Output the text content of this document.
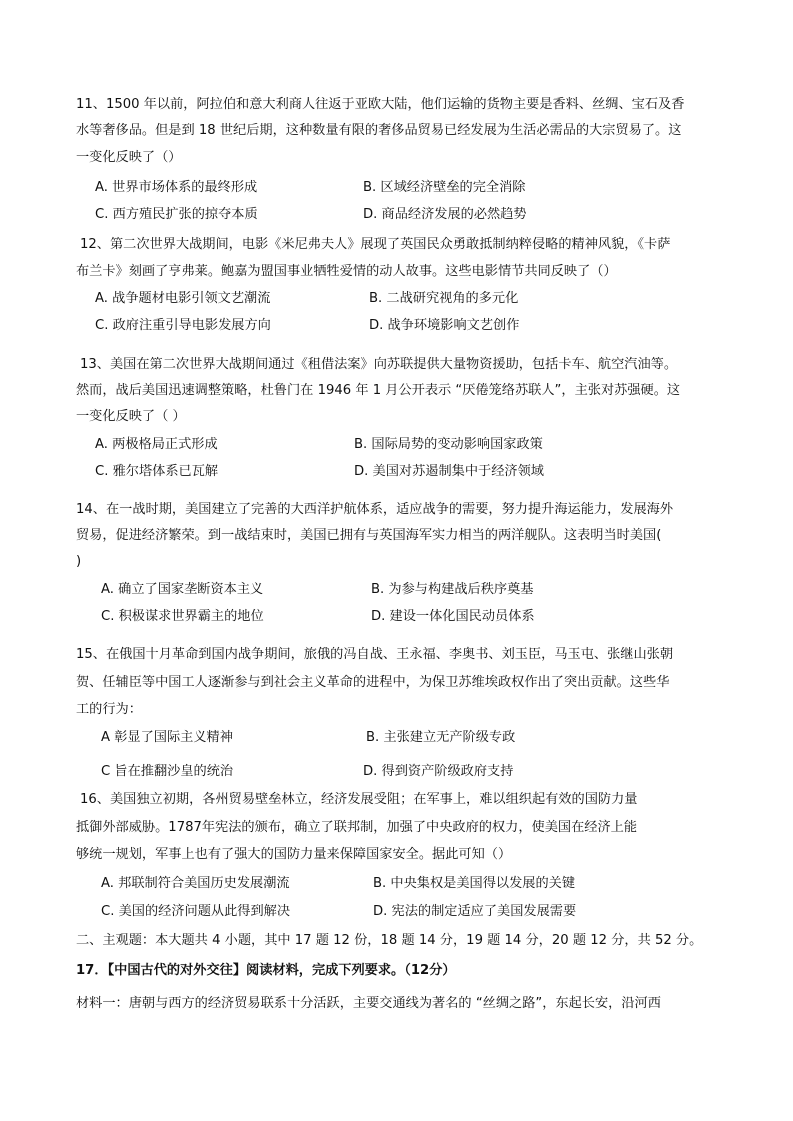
11、1500 年以前，阿拉伯和意大利商人往返于亚欧大陆，他们运输的货物主要是香料、丝绸、宝石及香
水等奢侈品。但是到 18 世纪后期，这种数量有限的奢侈品贸易已经发展为生活必需品的大宗贸易了。这
一变化反映了（）
A. 世界市场体系的最终形成	B. 区域经济壁垒的完全消除
C. 西方殖民扩张的掠夺本质	D. 商品经济发展的必然趋势
12、第二次世界大战期间，电影《米尼弗夫人》展现了英国民众勇敢抵制纳粹侵略的精神风貌，《卡萨
布兰卡》刻画了亨弗莱。鲍嘉为盟国事业牺牲爱情的动人故事。这些电影情节共同反映了（）
A. 战争题材电影引领文艺潮流	B. 二战研究视角的多元化
C. 政府注重引导电影发展方向	D. 战争环境影响文艺创作
13、美国在第二次世界大战期间通过《租借法案》向苏联提供大量物资援助，包括卡车、航空汽油等。
然而，战后美国迅速调整策略，杜鲁门在 1946 年 1 月公开表示 “厌倦笼络苏联人”，主张对苏强硬。这
一变化反映了（ ）
A. 两极格局正式形成	B. 国际局势的变动影响国家政策
C. 雅尔塔体系已瓦解	D. 美国对苏遏制集中于经济领域
14、在一战时期，美国建立了完善的大西洋护航体系，适应战争的需要，努力提升海运能力，发展海外
贸易，促进经济繁荣。到一战结束时，美国已拥有与英国海军实力相当的两洋舰队。这表明当时美国(
)
A. 确立了国家垄断资本主义	B. 为参与构建战后秩序奠基
C. 积极谋求世界霸主的地位	D. 建设一体化国民动员体系
15、在俄国十月革命到国内战争期间，旅俄的冯自战、王永福、李奥书、刘玉臣，马玉屯、张继山张朝
贺、任辅臣等中国工人逐渐参与到社会主义革命的进程中，为保卫苏维埃政权作出了突出贡献。这些华
工的行为：
A 彰显了国际主义精神	B. 主张建立无产阶级专政
C 旨在推翻沙皇的统治	D. 得到资产阶级政府支持
16、美国独立初期，各州贸易壁垒林立，经济发展受阻；在军事上，难以组织起有效的国防力量
抵御外部威胁。1787年宪法的颁布，确立了联邦制，加强了中央政府的权力，使美国在经济上能
够统一规划，军事上也有了强大的国防力量来保障国家安全。据此可知（）
A. 邦联制符合美国历史发展潮流	B. 中央集权是美国得以发展的关键
C. 美国的经济问题从此得到解决	D. 宪法的制定适应了美国发展需要
二、主观题：本大题共 4 小题，其中 17 题 12 份，18 题 14 分，19 题 14 分，20 题 12 分，共 52 分。
17．【中国古代的对外交往】阅读材料，完成下列要求。（12分）
材料一：唐朝与西方的经济贸易联系十分活跃，主要交通线为著名的 “丝绸之路”，东起长安，沿河西
